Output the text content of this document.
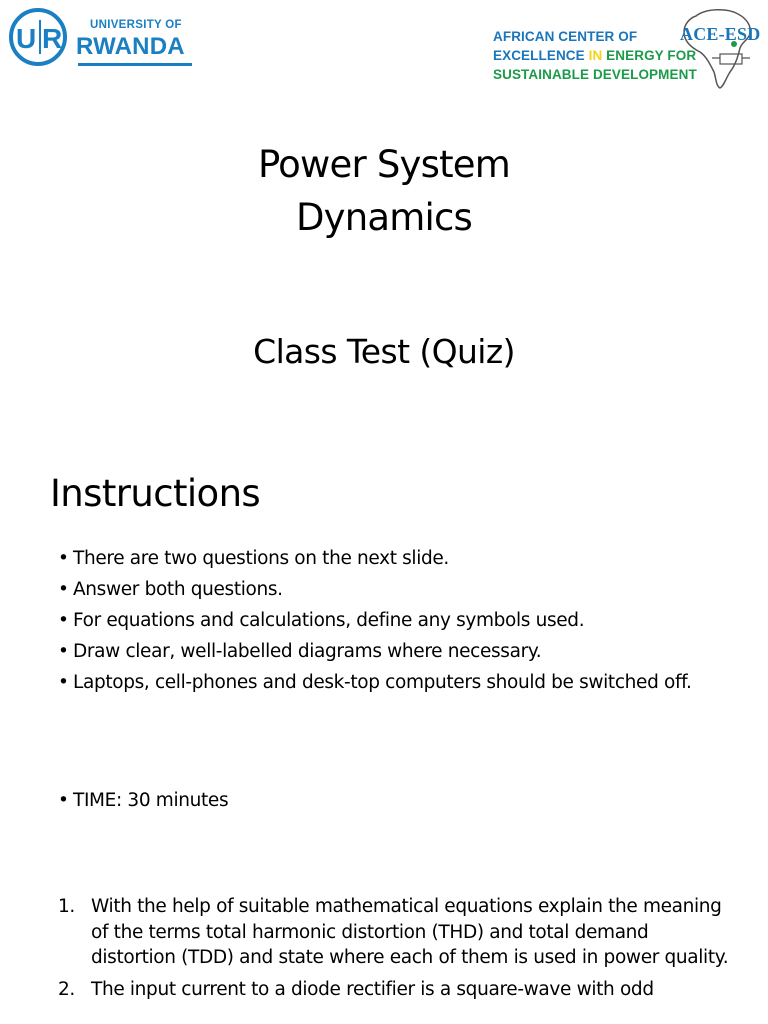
U R UNIVERSITY OF
RWANDA	ACE-ESD
AFRICAN CENTER OF
EXCELLENCE IN ENERGY FOR
SUSTAINABLE DEVELOPMENT
Power System
Dynamics
Class Test (Quiz)
Instructions
• There are two questions on the next slide.
• Answer both questions.
• For equations and calculations, define any symbols used.
• Draw clear, well-labelled diagrams where necessary.
• Laptops, cell-phones and desk-top computers should be switched off.
• TIME: 30 minutes
1. With the help of suitable mathematical equations explain the meaning of the terms total harmonic distortion (THD) and total demand distortion (TDD) and state where each of them is used in power quality.
2. The input current to a diode rectifier is a square-wave with odd
